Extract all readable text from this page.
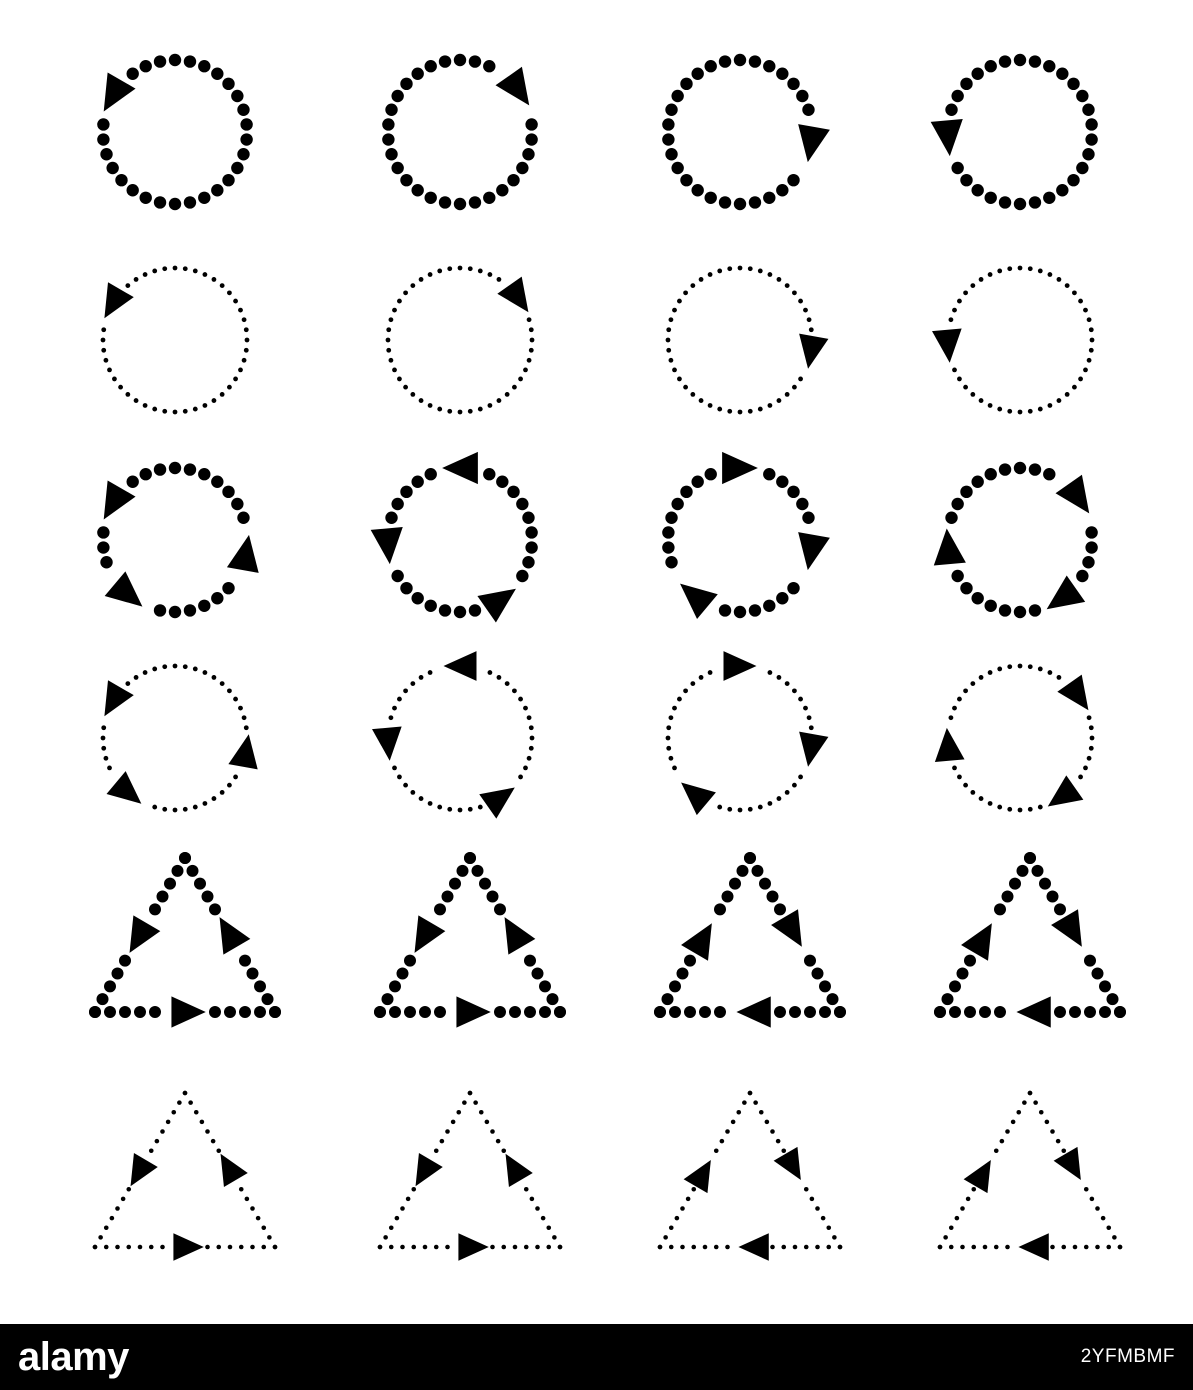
alamy	2YFMBMF
